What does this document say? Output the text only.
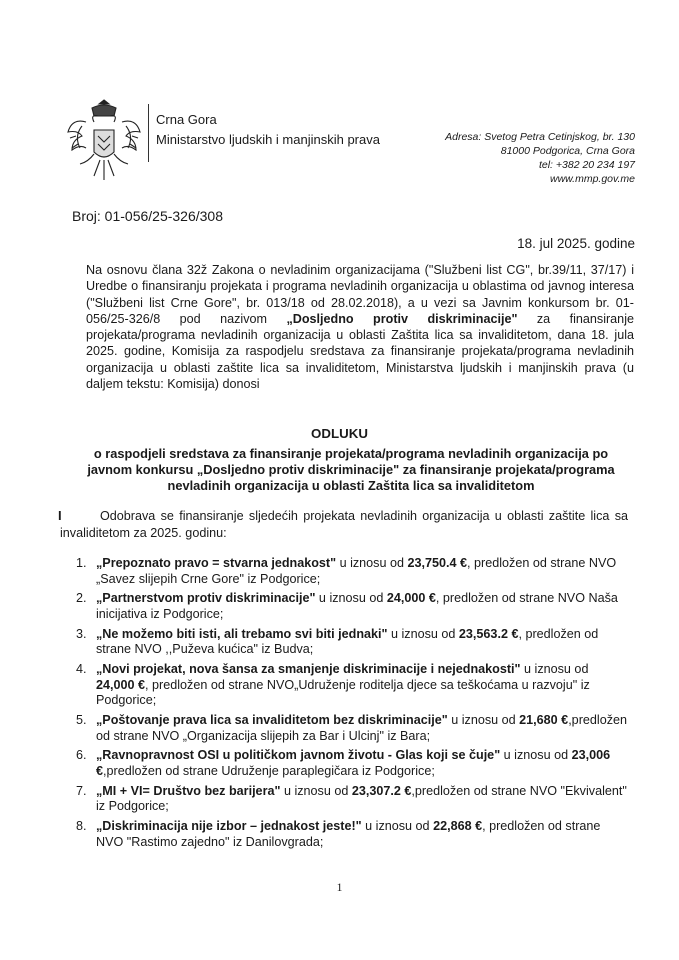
Crna Gora
Ministarstvo ljudskih i manjinskih prava	Adresa: Svetog Petra Cetinjskog, br. 130
81000 Podgorica, Crna Gora
tel: +382 20 234 197
www.mmp.gov.me
Broj: 01-056/25-326/308
18. jul 2025. godine
Na osnovu člana 32ž Zakona o nevladinim organizacijama ("Službeni list CG", br.39/11, 37/17) i Uredbe o finansiranju projekata i programa nevladinih organizacija u oblastima od javnog interesa ("Službeni list Crne Gore", br. 013/18 od 28.02.2018), a u vezi sa Javnim konkursom br. 01-056/25-326/8 pod nazivom „Dosljedno protiv diskriminacije" za finansiranje projekata/programa nevladinih organizacija u oblasti Zaštita lica sa invaliditetom, dana 18. jula 2025. godine, Komisija za raspodjelu sredstava za finansiranje projekata/programa nevladinih organizacija u oblasti zaštite lica sa invaliditetom, Ministarstva ljudskih i manjinskih prava (u daljem tekstu: Komisija) donosi
ODLUKU
o raspodjeli sredstava za finansiranje projekata/programa nevladinih organizacija po javnom konkursu „Dosljedno protiv diskriminacije" za finansiranje projekata/programa nevladinih organizacija u oblasti Zaštita lica sa invaliditetom
I	Odobrava se finansiranje sljedećih projekata nevladinih organizacija u oblasti zaštite lica sa invaliditetom za 2025. godinu:
1. „Prepoznato pravo = stvarna jednakost" u iznosu od 23,750.4 €, predložen od strane NVO „Savez slijepih Crne Gore" iz Podgorice;
2. „Partnerstvom protiv diskriminacije" u iznosu od 24,000 €, predložen od strane NVO Naša inicijativa iz Podgorice;
3. „Ne možemo biti isti, ali trebamo svi biti jednaki" u iznosu od 23,563.2 €, predložen od strane NVO ,,Puževa kućica" iz Budva;
4. „Novi projekat, nova šansa za smanjenje diskriminacije i nejednakosti" u iznosu od 24,000 €, predložen od strane NVO„Udruženje roditelja djece sa teškoćama u razvoju" iz Podgorice;
5. „Poštovanje prava lica sa invaliditetom bez diskriminacije" u iznosu od 21,680 €,predložen od strane NVO „Organizacija slijepih za Bar i Ulcinj" iz Bara;
6. „Ravnopravnost OSI u političkom javnom životu - Glas koji se čuje" u iznosu od 23,006 €,predložen od strane Udruženje paraplegičara iz Podgorice;
7. „MI + VI= Društvo bez barijera" u iznosu od 23,307.2 €,predložen od strane NVO "Ekvivalent" iz Podgorice;
8. „Diskriminacija nije izbor – jednakost jeste!" u iznosu od 22,868 €, predložen od strane NVO "Rastimo zajedno" iz Danilovgrada;
1
